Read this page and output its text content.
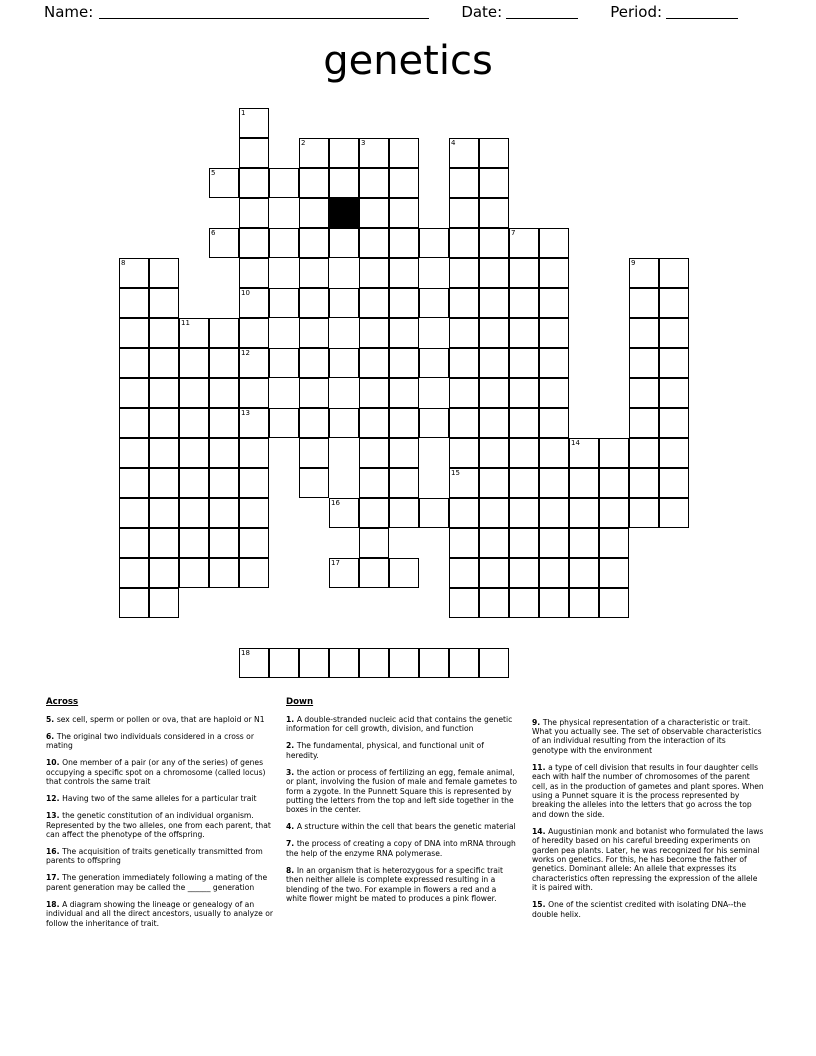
Name:	Date:	Period:
genetics
1
2	3	4
5
6	7
8	9
10
11
12
13
14
15
16
17
18
Across

5. sex cell, sperm or pollen or ova, that are haploid or N1

6. The original two individuals considered in a cross or mating

10. One member of a pair (or any of the series) of genes occupying a specific spot on a chromosome (called locus) that controls the same trait

12. Having two of the same alleles for a particular trait

13. the genetic constitution of an individual organism. Represented by the two alleles, one from each parent, that can affect the phenotype of the offspring.

16. The acquisition of traits genetically transmitted from parents to offspring

17. The generation immediately following a mating of the parent generation may be called the ______ generation

18. A diagram showing the lineage or genealogy of an individual and all the direct ancestors, usually to analyze or follow the inheritance of trait.

Down

1. A double-stranded nucleic acid that contains the genetic information for cell growth, division, and function

2. The fundamental, physical, and functional unit of heredity.

3. the action or process of fertilizing an egg, female animal, or plant, involving the fusion of male and female gametes to form a zygote. In the Punnett Square this is represented by putting the letters from the top and left side together in the boxes in the center.

4. A structure within the cell that bears the genetic material

7. the process of creating a copy of DNA into mRNA through the help of the enzyme RNA polymerase.

8. In an organism that is heterozygous for a specific trait then neither allele is complete expressed resulting in a blending of the two. For example in flowers a red and a white flower might be mated to produces a pink flower.

9. The physical representation of a characteristic or trait. What you actually see. The set of observable characteristics of an individual resulting from the interaction of its genotype with the environment

11. a type of cell division that results in four daughter cells each with half the number of chromosomes of the parent cell, as in the production of gametes and plant spores. When using a Punnet square it is the process represented by breaking the alleles into the letters that go across the top and down the side.

14. Augustinian monk and botanist who formulated the laws of heredity based on his careful breeding experiments on garden pea plants. Later, he was recognized for his seminal works on genetics. For this, he has become the father of genetics. Dominant allele: An allele that expresses its characteristics often repressing the expression of the allele it is paired with.

15. One of the scientist credited with isolating DNA--the double helix.
